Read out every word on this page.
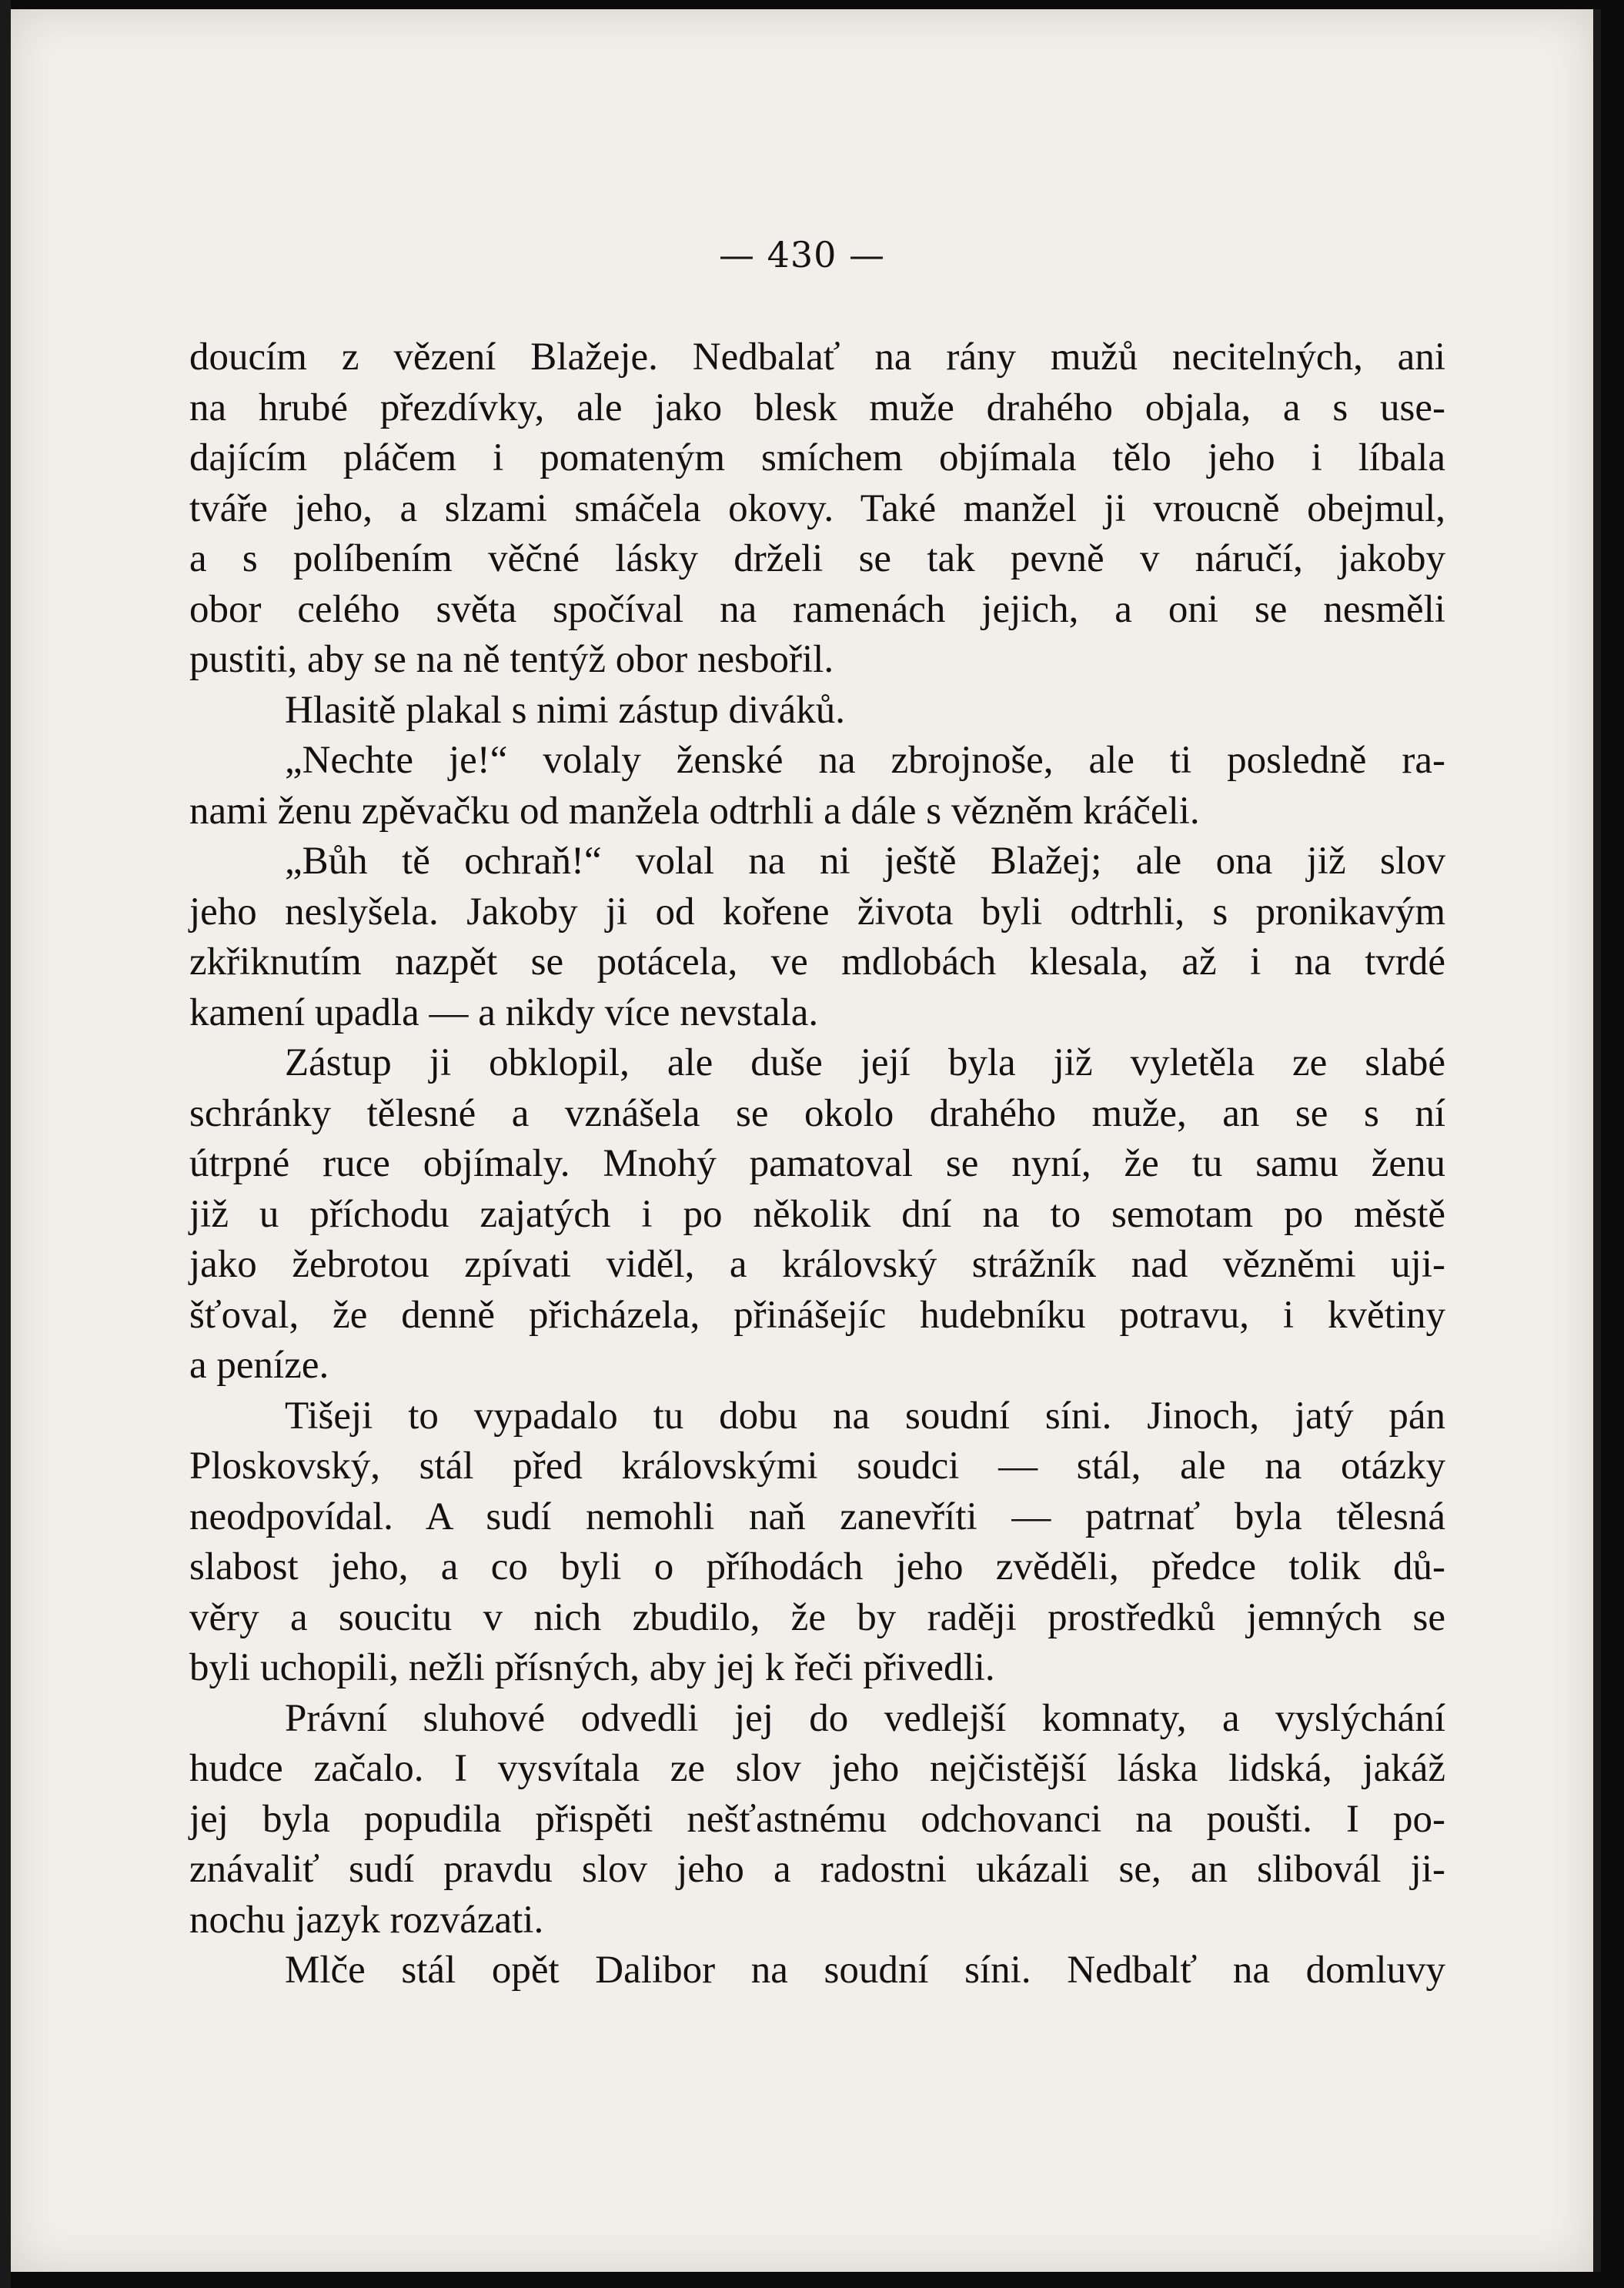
— 430 —
doucím z vězení Blažeje. Nedbalať na rány mužů necitelných, ani
na hrubé přezdívky, ale jako blesk muže drahého objala, a s use-
dajícím pláčem i pomateným smíchem objímala tělo jeho i líbala
tváře jeho, a slzami smáčela okovy. Také manžel ji vroucně obejmul,
a s políbením věčné lásky drželi se tak pevně v náručí, jakoby
obor celého světa spočíval na ramenách jejich, a oni se nesměli
pustiti, aby se na ně tentýž obor nesbořil.
Hlasitě plakal s nimi zástup diváků.
„Nechte je!“ volaly ženské na zbrojnoše, ale ti posledně ra-
nami ženu zpěvačku od manžela odtrhli a dále s vězněm kráčeli.
„Bůh tě ochraň!“ volal na ni ještě Blažej; ale ona již slov
jeho neslyšela. Jakoby ji od kořene života byli odtrhli, s pronikavým
zkřiknutím nazpět se potácela, ve mdlobách klesala, až i na tvrdé
kamení upadla — a nikdy více nevstala.
Zástup ji obklopil, ale duše její byla již vyletěla ze slabé
schránky tělesné a vznášela se okolo drahého muže, an se s ní
útrpné ruce objímaly. Mnohý pamatoval se nyní, že tu samu ženu
již u příchodu zajatých i po několik dní na to semotam po městě
jako žebrotou zpívati viděl, a královský strážník nad vězněmi uji-
šťoval, že denně přicházela, přinášejíc hudebníku potravu, i květiny
a peníze.
Tišeji to vypadalo tu dobu na soudní síni. Jinoch, jatý pán
Ploskovský, stál před královskými soudci — stál, ale na otázky
neodpovídal. A sudí nemohli naň zanevříti — patrnať byla tělesná
slabost jeho, a co byli o příhodách jeho zvěděli, předce tolik dů-
věry a soucitu v nich zbudilo, že by raději prostředků jemných se
byli uchopili, nežli přísných, aby jej k řeči přivedli.
Právní sluhové odvedli jej do vedlejší komnaty, a vyslýchání
hudce začalo. I vysvítala ze slov jeho nejčistější láska lidská, jakáž
jej byla popudila přispěti nešťastnému odchovanci na poušti. I po-
znávaliť sudí pravdu slov jeho a radostni ukázali se, an slibovál ji-
nochu jazyk rozvázati.
Mlče stál opět Dalibor na soudní síni. Nedbalť na domluvy
